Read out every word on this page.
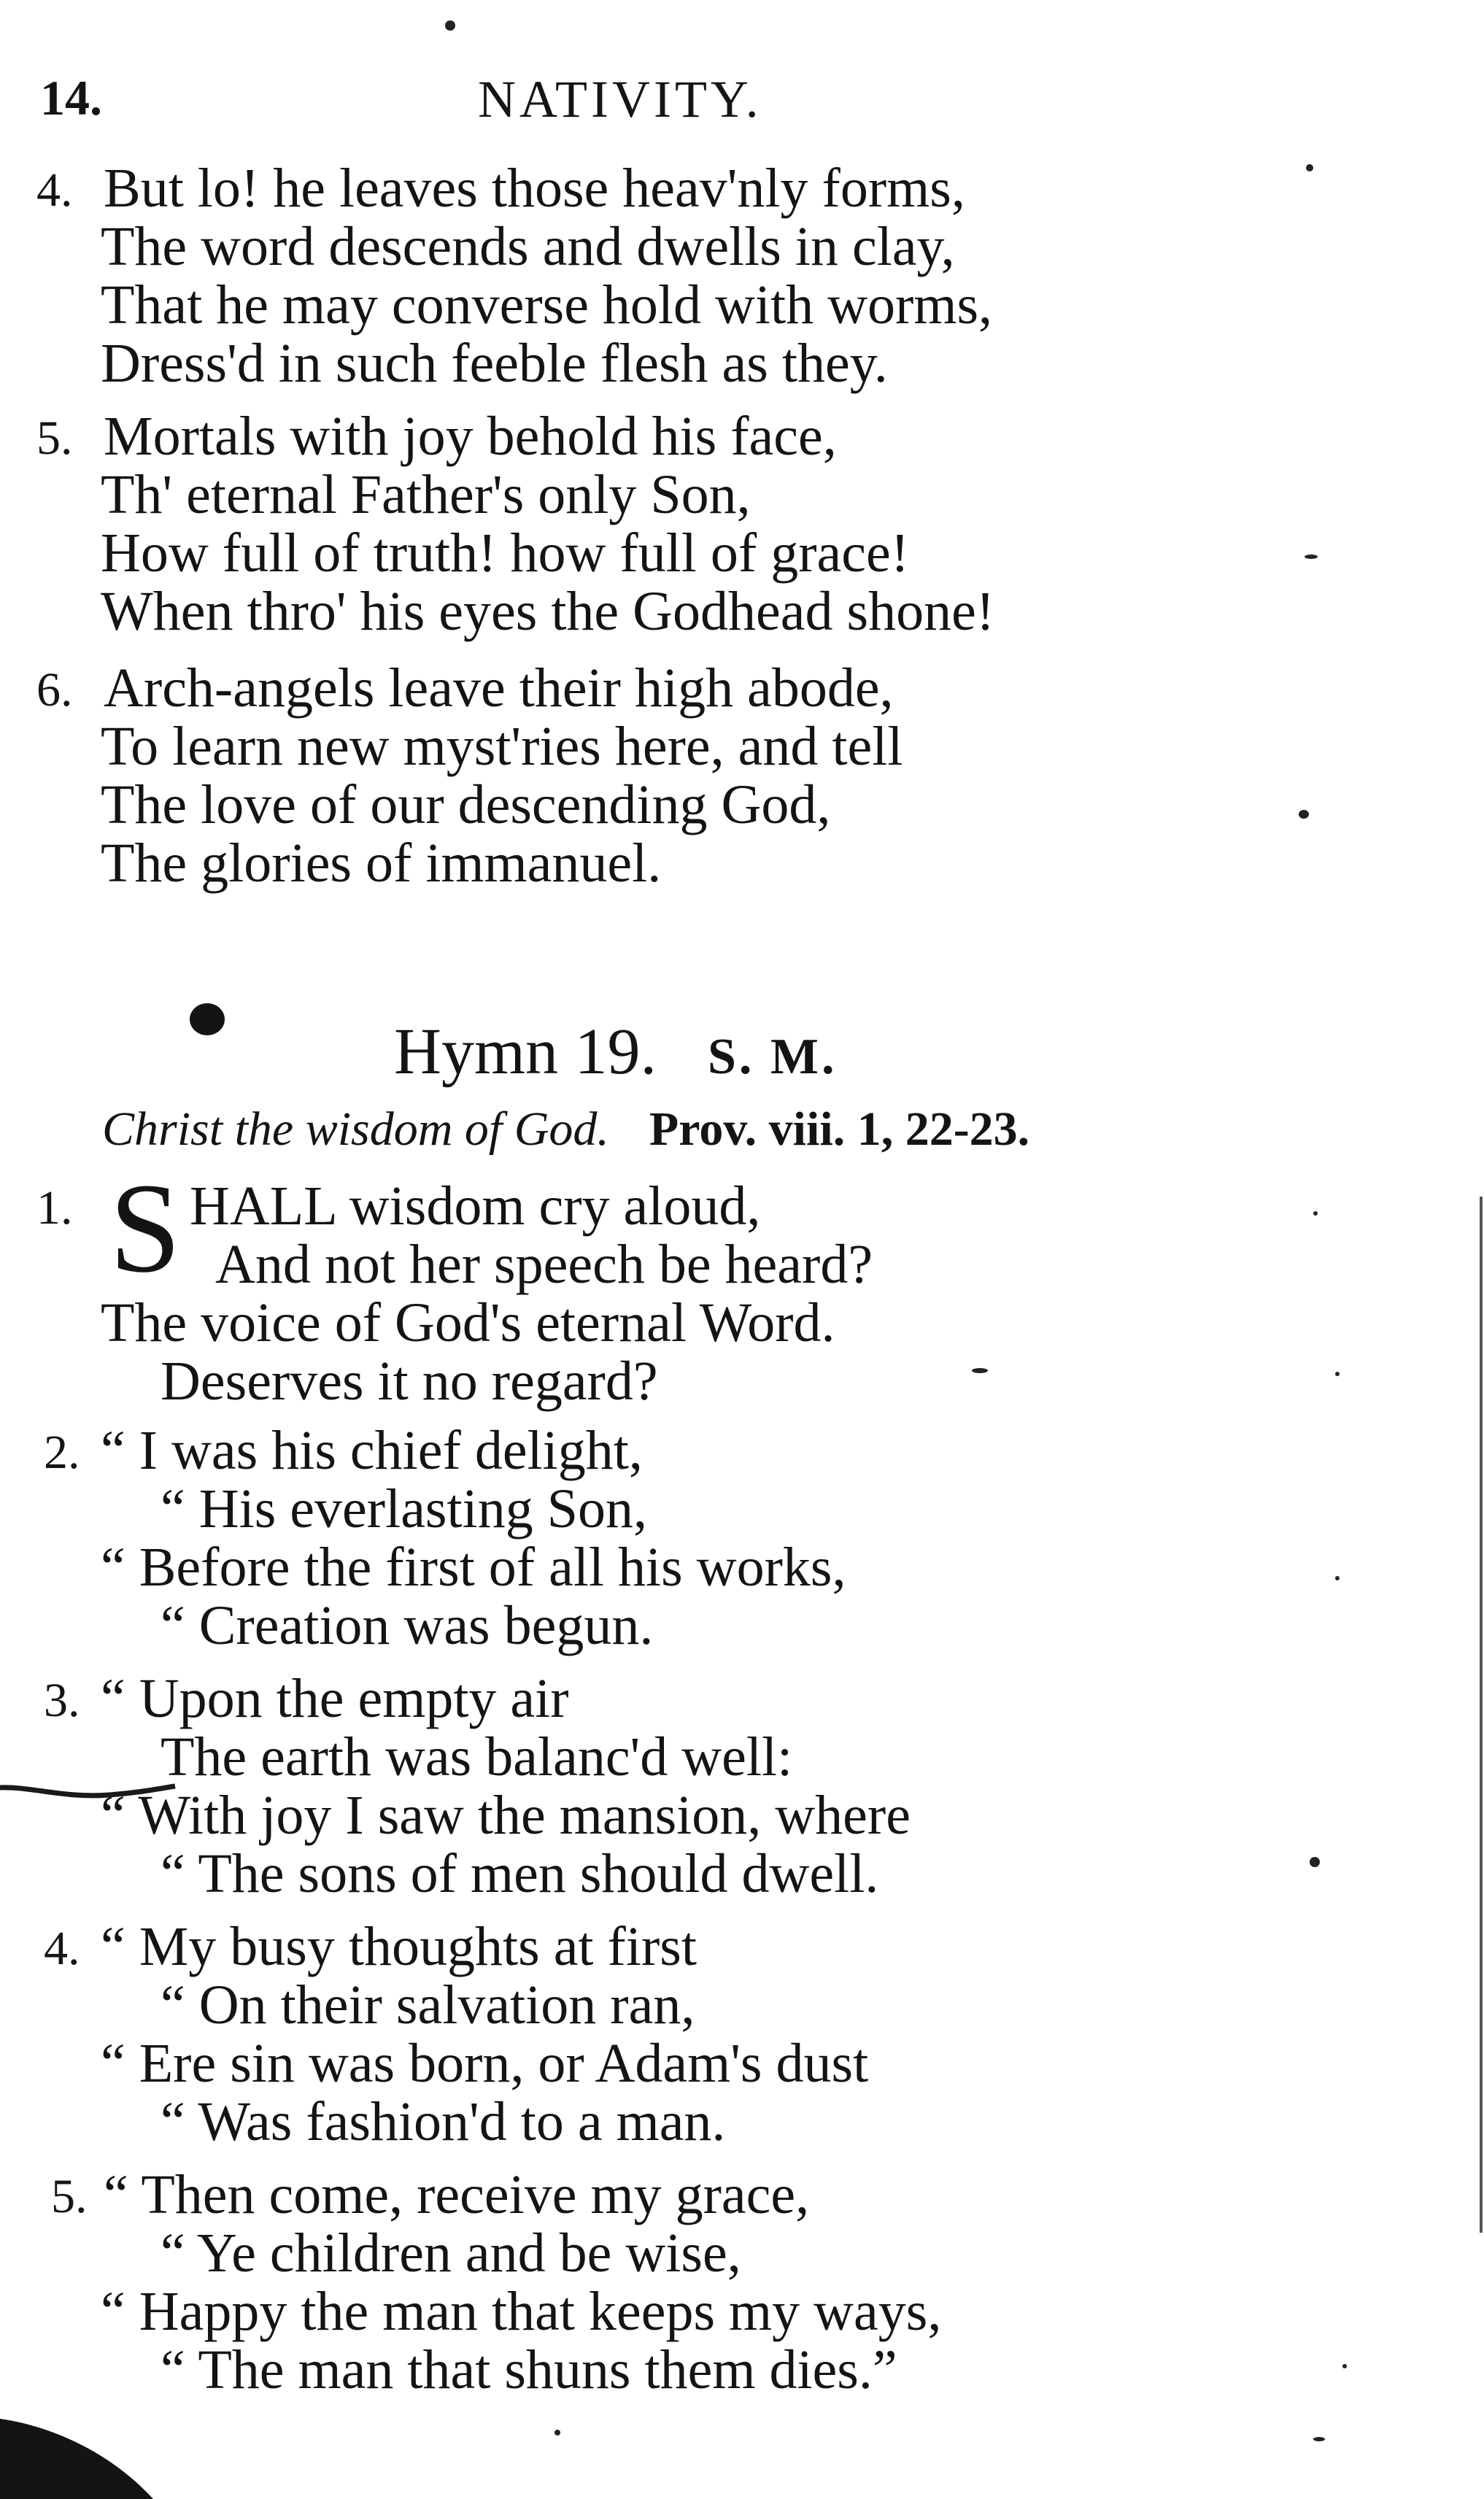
14.	NATIVITY.
4. But lo! he leaves those heav'nly forms,
The word descends and dwells in clay,
That he may converse hold with worms,
Dress'd in such feeble flesh as they.
5. Mortals with joy behold his face,
Th' eternal Father's only Son,
How full of truth! how full of grace!
When thro' his eyes the Godhead shone!
6. Arch-angels leave their high abode,
To learn new myst'ries here, and tell
The love of our descending God,
The glories of immanuel.
Hymn 19. S. M.
Christ the wisdom of God. Prov. viii. 1, 22-23.
1. HALL wisdom cry aloud,
And not her speech be heard?
The voice of God's eternal Word.
Deserves it no regard?
S
2. “ I was his chief delight,
“ His everlasting Son,
“ Before the first of all his works,
“ Creation was begun.
3. “ Upon the empty air
The earth was balanc'd well:
“ With joy I saw the mansion, where
“ The sons of men should dwell.
4. “ My busy thoughts at first
“ On their salvation ran,
“ Ere sin was born, or Adam's dust
“ Was fashion'd to a man.
5. “ Then come, receive my grace,
“ Ye children and be wise,
“ Happy the man that keeps my ways,
“ The man that shuns them dies.”
